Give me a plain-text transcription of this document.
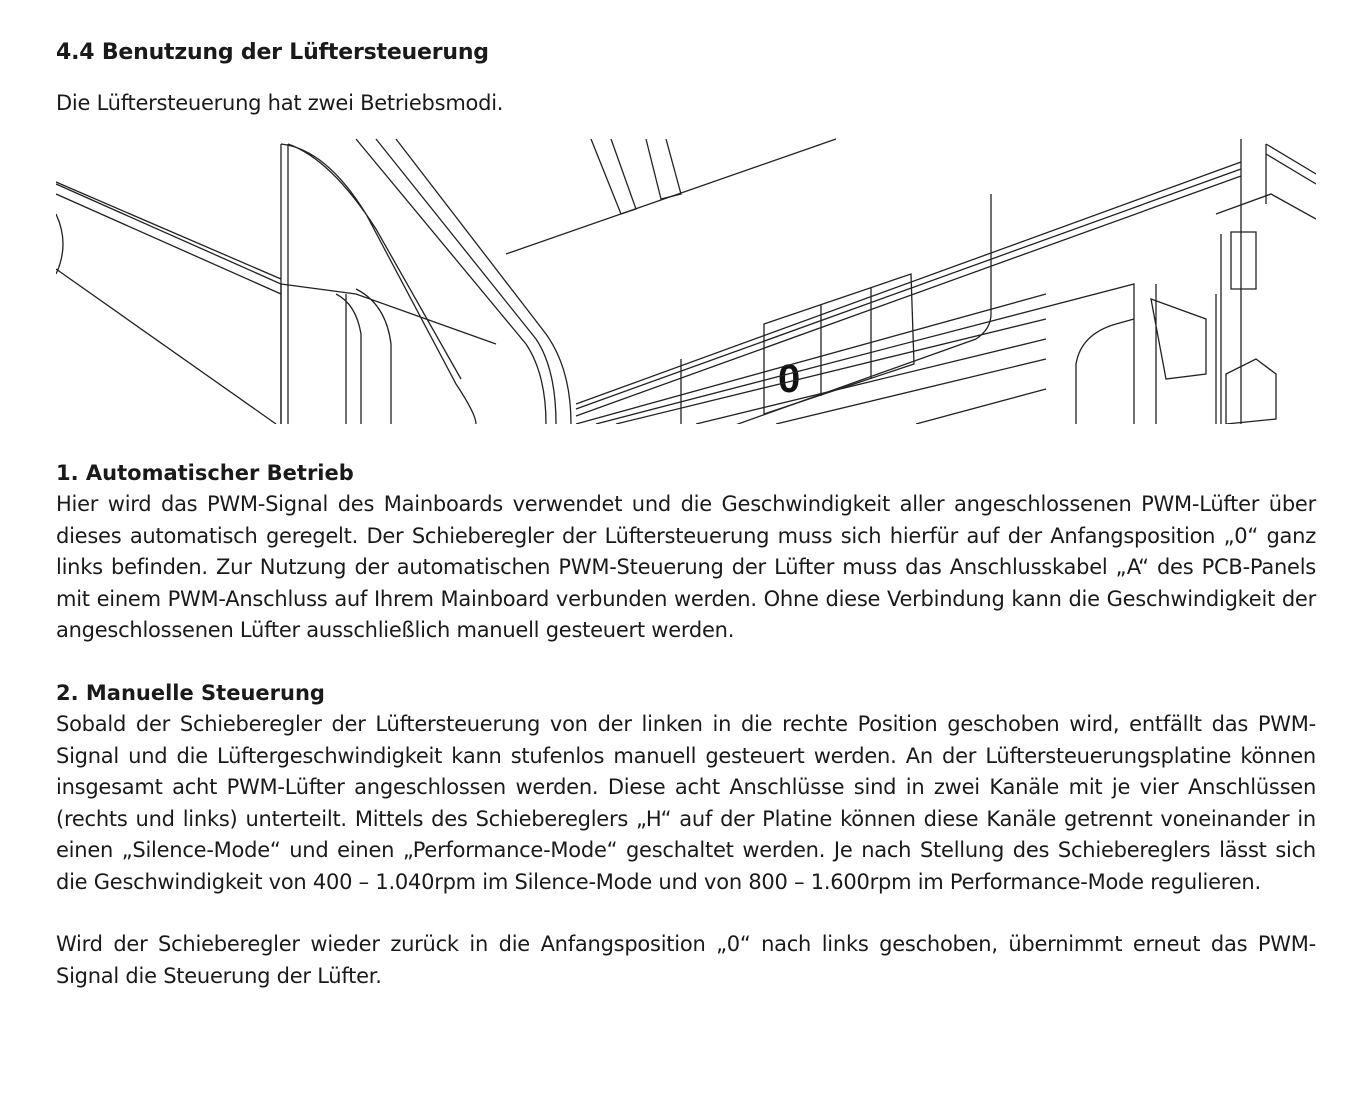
4.4 Benutzung der Lüftersteuerung

Die Lüftersteuerung hat zwei Betriebsmodi.

0
1. Automatischer Betrieb

Hier wird das PWM-Signal des Mainboards verwendet und die Geschwindigkeit aller angeschlossenen PWM-Lüfter über dieses automatisch geregelt. Der Schieberegler der Lüftersteuerung muss sich hierfür auf der Anfangsposition „0“ ganz links befinden. Zur Nutzung der automatischen PWM-Steuerung der Lüfter muss das Anschlusskabel „A“ des PCB-Panels mit einem PWM-Anschluss auf Ihrem Mainboard verbunden werden. Ohne diese Verbindung kann die Geschwindigkeit der angeschlossenen Lüfter ausschließlich manuell gesteuert werden.

2. Manuelle Steuerung

Sobald der Schieberegler der Lüftersteuerung von der linken in die rechte Position geschoben wird, entfällt das PWM-Signal und die Lüftergeschwindigkeit kann stufenlos manuell gesteuert werden. An der Lüftersteuerungsplatine können insgesamt acht PWM-Lüfter angeschlossen werden. Diese acht Anschlüsse sind in zwei Kanäle mit je vier Anschlüssen (rechts und links) unterteilt. Mittels des Schiebereglers „H“ auf der Platine können diese Kanäle getrennt voneinander in einen „Silence-Mode“ und einen „Performance-Mode“ geschaltet werden. Je nach Stellung des Schiebereglers lässt sich die Geschwindigkeit von 400 – 1.040rpm im Silence-Mode und von 800 – 1.600rpm im Performance-Mode regulieren.

Wird der Schieberegler wieder zurück in die Anfangsposition „0“ nach links geschoben, übernimmt erneut das PWM-Signal die Steuerung der Lüfter.
